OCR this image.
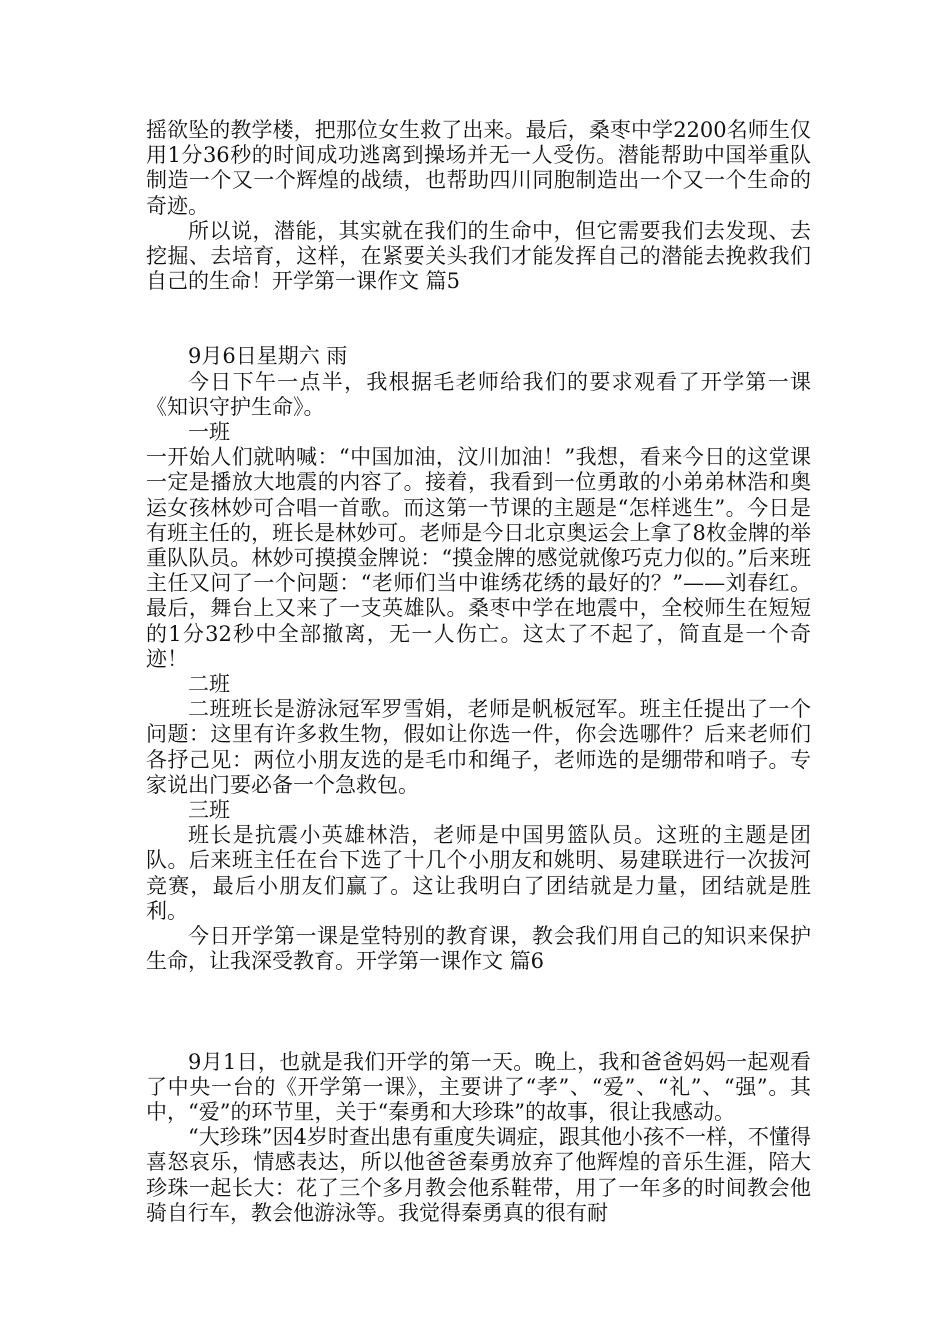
摇欲坠的教学楼，把那位女生救了出来。最后，桑枣中学2200名师生仅用1分36秒的时间成功逃离到操场并无一人受伤。潜能帮助中国举重队制造一个又一个辉煌的战绩，也帮助四川同胞制造出一个又一个生命的奇迹。

所以说，潜能，其实就在我们的生命中，但它需要我们去发现、去挖掘、去培育，这样，在紧要关头我们才能发挥自己的潜能去挽救我们自己的生命！开学第一课作文 篇5

9月6日星期六 雨

今日下午一点半，我根据毛老师给我们的要求观看了开学第一课《知识守护生命》。

一班

一开始人们就呐喊：“中国加油，汶川加油！”我想，看来今日的这堂课一定是播放大地震的内容了。接着，我看到一位勇敢的小弟弟林浩和奥运女孩林妙可合唱一首歌。而这第一节课的主题是“怎样逃生”。今日是有班主任的，班长是林妙可。老师是今日北京奥运会上拿了8枚金牌的举重队队员。林妙可摸摸金牌说：“摸金牌的感觉就像巧克力似的。”后来班主任又问了一个问题：“老师们当中谁绣花绣的最好的？”——刘春红。最后，舞台上又来了一支英雄队。桑枣中学在地震中，全校师生在短短的1分32秒中全部撤离，无一人伤亡。这太了不起了，简直是一个奇迹！

二班

二班班长是游泳冠军罗雪娟，老师是帆板冠军。班主任提出了一个问题：这里有许多救生物，假如让你选一件，你会选哪件？后来老师们各抒己见：两位小朋友选的是毛巾和绳子，老师选的是绷带和哨子。专家说出门要必备一个急救包。

三班

班长是抗震小英雄林浩，老师是中国男篮队员。这班的主题是团队。后来班主任在台下选了十几个小朋友和姚明、易建联进行一次拔河竞赛，最后小朋友们赢了。这让我明白了团结就是力量，团结就是胜利。

今日开学第一课是堂特别的教育课，教会我们用自己的知识来保护生命，让我深受教育。开学第一课作文 篇6

9月1日，也就是我们开学的第一天。晚上，我和爸爸妈妈一起观看了中央一台的《开学第一课》，主要讲了“孝”、“爱”、“礼”、“强”。其中，“爱”的环节里，关于“秦勇和大珍珠”的故事，很让我感动。

“大珍珠”因4岁时查出患有重度失调症，跟其他小孩不一样，不懂得喜怒哀乐，情感表达，所以他爸爸秦勇放弃了他辉煌的音乐生涯，陪大珍珠一起长大：花了三个多月教会他系鞋带，用了一年多的时间教会他骑自行车，教会他游泳等。我觉得秦勇真的很有耐
